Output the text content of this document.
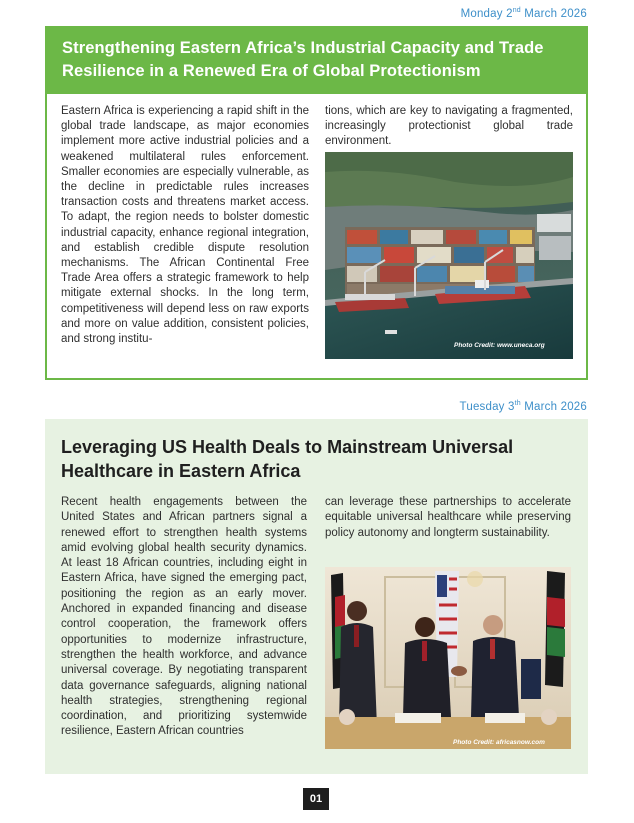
Monday 2nd March 2026
Strengthening Eastern Africa’s Industrial Capacity and Trade Resilience in a Renewed Era of Global Protectionism

Eastern Africa is experiencing a rapid shift in the global trade landscape, as major economies implement more active industrial policies and a weakened multilateral rules enforcement. Smaller economies are especially vulnerable, as the decline in predictable rules increases transaction costs and threatens market access. To adapt, the region needs to bolster domestic industrial capacity, enhance regional integration, and establish credible dispute resolution mechanisms. The African Continental Free Trade Area offers a strategic framework to help mitigate external shocks. In the long term, competitiveness will depend less on raw exports and more on value addition, consistent policies, and strong institu-

tions, which are key to navigating a fragmented, increasingly protectionist global trade environment.

Photo Credit: www.uneca.org
Tuesday 3th March 2026
Leveraging US Health Deals to Mainstream Universal Healthcare in Eastern Africa

Recent health engagements between the United States and African partners signal a renewed effort to strengthen health systems amid evolving global health security dynamics. At least 18 African countries, including eight in Eastern Africa, have signed the emerging pact, positioning the region as an early mover. Anchored in expanded financing and disease control cooperation, the framework offers opportunities to modernize infrastructure, strengthen the health workforce, and advance universal coverage. By negotiating transparent data governance safeguards, aligning national health strategies, strengthening regional coordination, and prioritizing systemwide resilience, Eastern African countries

can leverage these partnerships to accelerate equitable universal healthcare while preserving policy autonomy and longterm sustainability.

Photo Credit: africasnow.com
01
